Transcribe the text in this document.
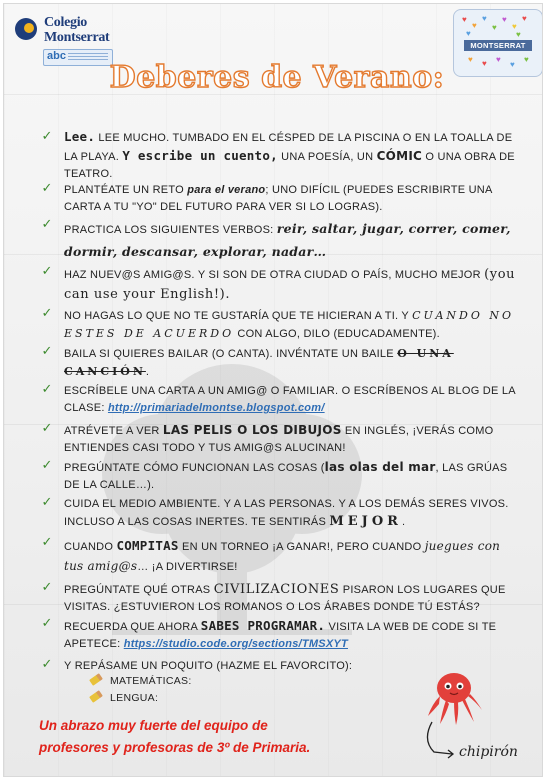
Colegio
Montserrat
abc
♥
♥
♥
♥
♥
♥
♥
♥	♥
♥ ♥ ♥
♥
♥
MONTSERRAT
Deberes de Verano:
✓ Lee. LEE MUCHO. TUMBADO EN EL CÉSPED DE LA PISCINA O EN LA TOALLA DE LA PLAYA. Y escribe un cuento, UNA POESÍA, UN CÓMIC O UNA OBRA DE TEATRO.
✓ PLANTÉATE UN RETO para el verano; UNO DIFÍCIL (PUEDES ESCRIBIRTE UNA CARTA A TU "YO" DEL FUTURO PARA VER SI LO LOGRAS).
✓ PRACTICA LOS SIGUIENTES VERBOS: reir, saltar, jugar, correr, comer, dormir, descansar, explorar, nadar…
✓ HAZ NUEV@S AMIG@S. Y SI SON DE OTRA CIUDAD O PAÍS, MUCHO MEJOR (you can use your English!).
✓ NO HAGAS LO QUE NO TE GUSTARÍA QUE TE HICIERAN A TI. Y CUANDO NO ESTES DE ACUERDO CON ALGO, DILO (EDUCADAMENTE).
✓ BAILA SI QUIERES BAILAR (O CANTA). INVÉNTATE UN BAILE O UNA CANCIÓN.
✓ ESCRÍBELE UNA CARTA A UN AMIG@ O FAMILIAR. O ESCRÍBENOS AL BLOG DE LA CLASE: http://primariadelmontse.blogspot.com/
✓ ATRÉVETE A VER LAS PELIS O LOS DIBUJOS EN INGLÉS, ¡VERÁS COMO ENTIENDES CASI TODO Y TUS AMIG@S ALUCINAN!
✓ PREGÚNTATE CÓMO FUNCIONAN LAS COSAS (las olas del mar, LAS GRÚAS DE LA CALLE…).
✓ CUIDA EL MEDIO AMBIENTE. Y A LAS PERSONAS. Y A LOS DEMÁS SERES VIVOS. INCLUSO A LAS COSAS INERTES. TE SENTIRÁS MEJOR.
✓ CUANDO COMPITAS EN UN TORNEO ¡A GANAR!, PERO CUANDO juegues con tus amig@s… ¡A DIVERTIRSE!
✓ PREGÚNTATE QUÉ OTRAS CIVILIZACIONES PISARON LOS LUGARES QUE VISITAS. ¿ESTUVIERON LOS ROMANOS O LOS ÁRABES DONDE TÚ ESTÁS?
✓ RECUERDA QUE AHORA SABES PROGRAMAR. VISITA LA WEB DE CODE SI TE APETECE: https://studio.code.org/sections/TMSXYT
✓ Y REPÁSAME UN POQUITO (HAZME EL FAVORCITO):
MATEMÁTICAS:
LENGUA:
Un abrazo muy fuerte del equipo de
profesores y profesoras de 3º de Primaria.	chipirón
